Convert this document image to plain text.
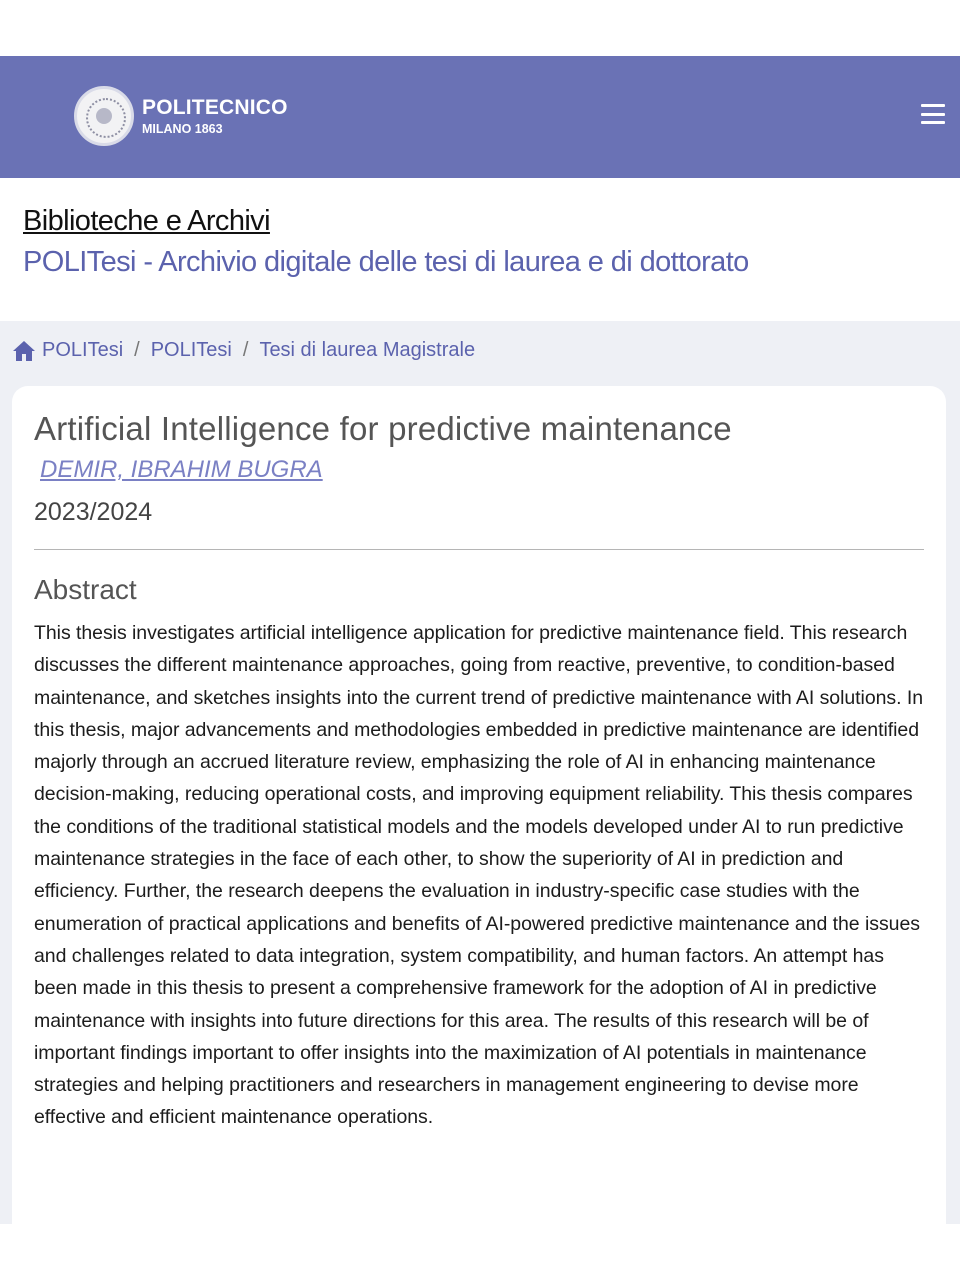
POLITECNICO
MILANO 1863
Biblioteche e Archivi
POLITesi - Archivio digitale delle tesi di laurea e di dottorato
POLITesi / POLITesi / Tesi di laurea Magistrale
Artificial Intelligence for predictive maintenance
DEMIR, IBRAHIM BUGRA
2023/2024
Abstract

This thesis investigates artificial intelligence application for predictive maintenance field. This research discusses the different maintenance approaches, going from reactive, preventive, to condition-based maintenance, and sketches insights into the current trend of predictive maintenance with AI solutions. In this thesis, major advancements and methodologies embedded in predictive maintenance are identified majorly through an accrued literature review, emphasizing the role of AI in enhancing maintenance decision-making, reducing operational costs, and improving equipment reliability. This thesis compares the conditions of the traditional statistical models and the models developed under AI to run predictive maintenance strategies in the face of each other, to show the superiority of AI in prediction and efficiency. Further, the research deepens the evaluation in industry-specific case studies with the enumeration of practical applications and benefits of AI-powered predictive maintenance and the issues and challenges related to data integration, system compatibility, and human factors. An attempt has been made in this thesis to present a comprehensive framework for the adoption of AI in predictive maintenance with insights into future directions for this area. The results of this research will be of important findings important to offer insights into the maximization of AI potentials in maintenance strategies and helping practitioners and researchers in management engineering to devise more effective and efficient maintenance operations.
